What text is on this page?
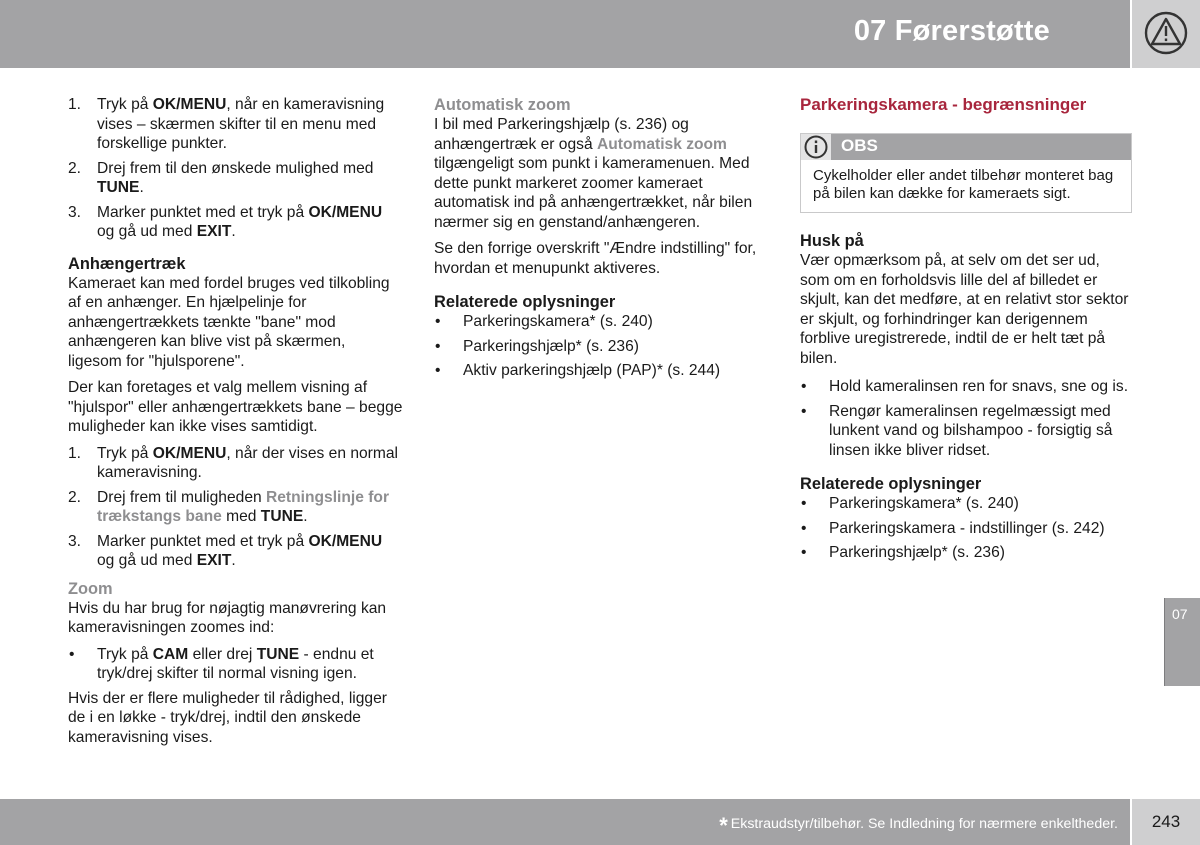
07 Førerstøtte
1. Tryk på OK/MENU, når en kameravisning vises – skærmen skifter til en menu med forskellige punkter.
2. Drej frem til den ønskede mulighed med TUNE.
3. Marker punktet med et tryk på OK/MENU og gå ud med EXIT.
Anhængertræk

Kameraet kan med fordel bruges ved tilkobling af en anhænger. En hjælpelinje for anhængertrækkets tænkte "bane" mod anhængeren kan blive vist på skærmen, ligesom for "hjulsporene".

Der kan foretages et valg mellem visning af "hjulspor" eller anhængertrækkets bane – begge muligheder kan ikke vises samtidigt.

1. Tryk på OK/MENU, når der vises en normal kameravisning.
2. Drej frem til muligheden Retningslinje for trækstangs bane med TUNE.
3. Marker punktet med et tryk på OK/MENU og gå ud med EXIT.
Zoom

Hvis du har brug for nøjagtig manøvrering kan kameravisningen zoomes ind:

• Tryk på CAM eller drej TUNE - endnu et tryk/drej skifter til normal visning igen.

Hvis der er flere muligheder til rådighed, ligger de i en løkke - tryk/drej, indtil den ønskede kameravisning vises.

Automatisk zoom

I bil med Parkeringshjælp (s. 236) og anhængertræk er også Automatisk zoom tilgængeligt som punkt i kameramenuen. Med dette punkt markeret zoomer kameraet automatisk ind på anhængertrækket, når bilen nærmer sig en genstand/anhængeren.

Se den forrige overskrift "Ændre indstilling" for, hvordan et menupunkt aktiveres.

Relaterede oplysninger
• Parkeringskamera* (s. 240)
• Parkeringshjælp* (s. 236)
• Aktiv parkeringshjælp (PAP)* (s. 244)
Parkeringskamera - begrænsninger
OBS
Cykelholder eller andet tilbehør monteret bag på bilen kan dække for kameraets sigt.
Husk på

Vær opmærksom på, at selv om det ser ud, som om en forholdsvis lille del af billedet er skjult, kan det medføre, at en relativt stor sektor er skjult, og forhindringer kan derigennem forblive uregistrerede, indtil de er helt tæt på bilen.

• Hold kameralinsen ren for snavs, sne og is.
• Rengør kameralinsen regelmæssigt med lunkent vand og bilshampoo - forsigtig så linsen ikke bliver ridset.
Relaterede oplysninger
• Parkeringskamera* (s. 240)
• Parkeringskamera - indstillinger (s. 242)
• Parkeringshjælp* (s. 236)
07
* Ekstraudstyr/tilbehør. Se Indledning for nærmere enkeltheder.	243
